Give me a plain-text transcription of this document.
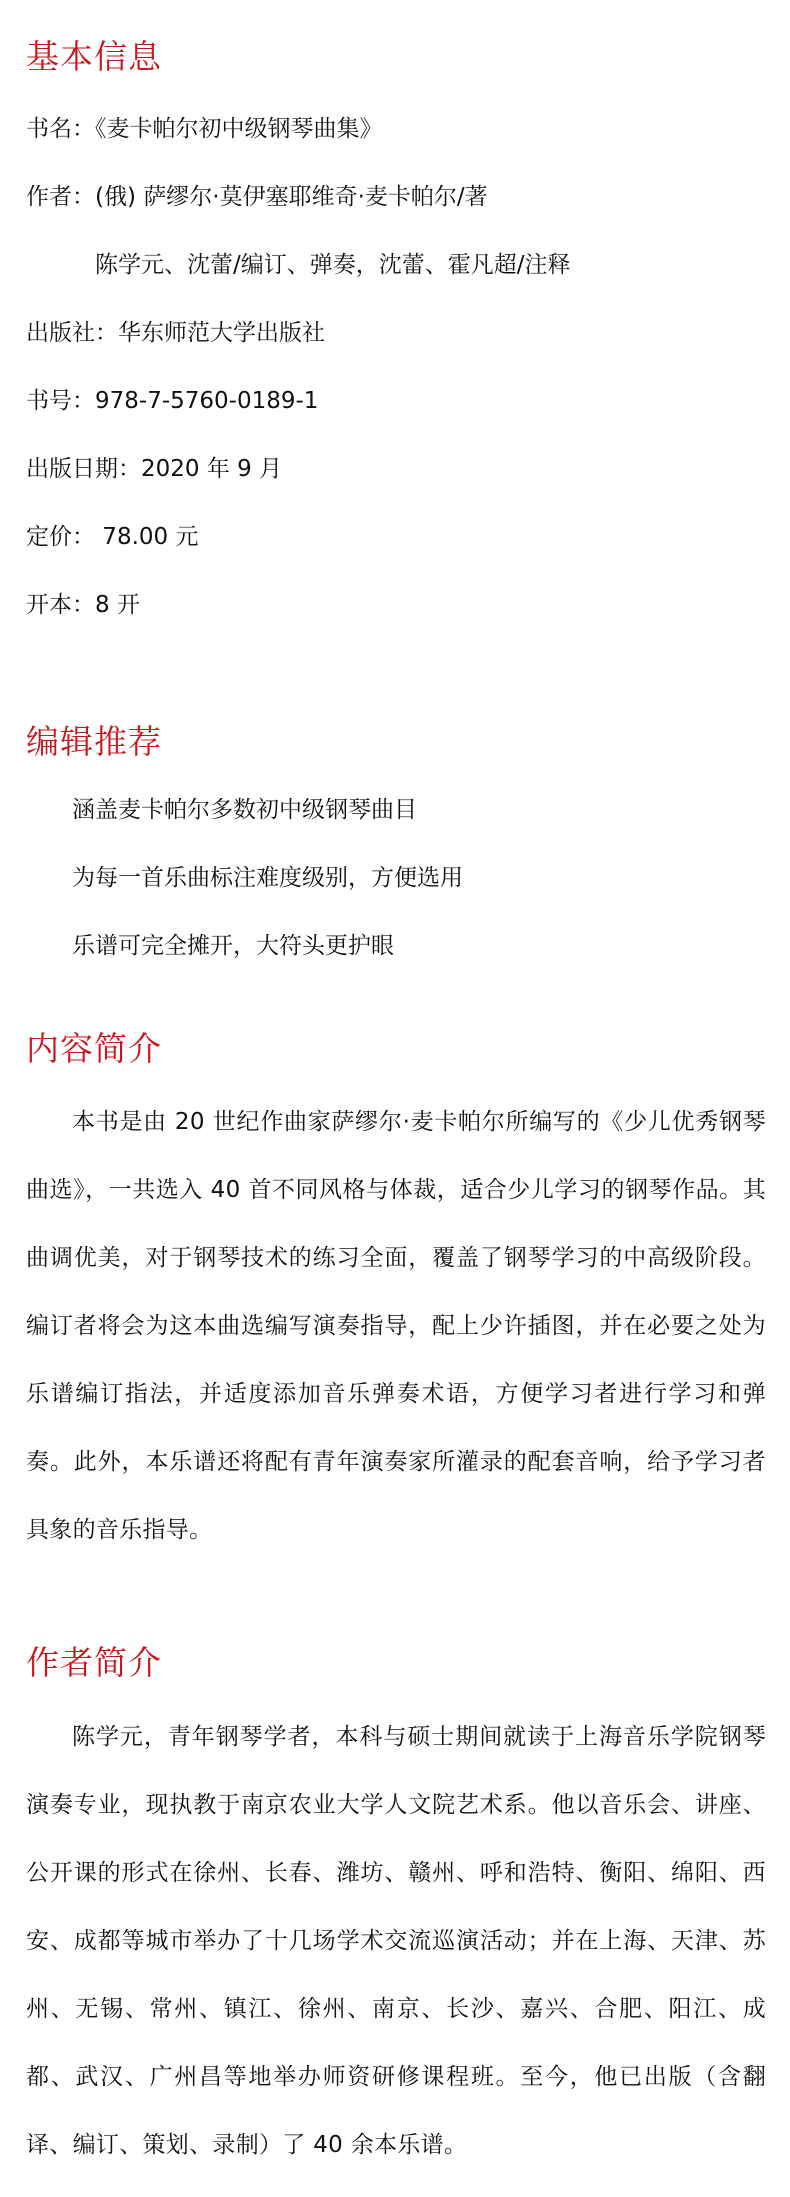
基本信息

书名：《麦卡帕尔初中级钢琴曲集》

作者：(俄) 萨缪尔·莫伊塞耶维奇·麦卡帕尔/著

陈学元、沈蕾/编订、弹奏，沈蕾、霍凡超/注释

出版社：华东师范大学出版社

书号：978-7-5760-0189-1

出版日期：2020 年 9 月

定价： 78.00 元

开本：8 开

编辑推荐

涵盖麦卡帕尔多数初中级钢琴曲目

为每一首乐曲标注难度级别，方便选用

乐谱可完全摊开，大符头更护眼

内容简介

本书是由 20 世纪作曲家萨缪尔·麦卡帕尔所编写的《少儿优秀钢琴曲选》，一共选入 40 首不同风格与体裁，适合少儿学习的钢琴作品。其曲调优美，对于钢琴技术的练习全面，覆盖了钢琴学习的中高级阶段。编订者将会为这本曲选编写演奏指导，配上少许插图，并在必要之处为乐谱编订指法，并适度添加音乐弹奏术语，方便学习者进行学习和弹奏。此外，本乐谱还将配有青年演奏家所灌录的配套音响，给予学习者具象的音乐指导。

作者简介

陈学元，青年钢琴学者，本科与硕士期间就读于上海音乐学院钢琴演奏专业，现执教于南京农业大学人文院艺术系。他以音乐会、讲座、公开课的形式在徐州、长春、潍坊、赣州、呼和浩特、衡阳、绵阳、西安、成都等城市举办了十几场学术交流巡演活动；并在上海、天津、苏州、无锡、常州、镇江、徐州、南京、长沙、嘉兴、合肥、阳江、成都、武汉、广州昌等地举办师资研修课程班。至今，他已出版（含翻译、编订、策划、录制）了 40 余本乐谱。
